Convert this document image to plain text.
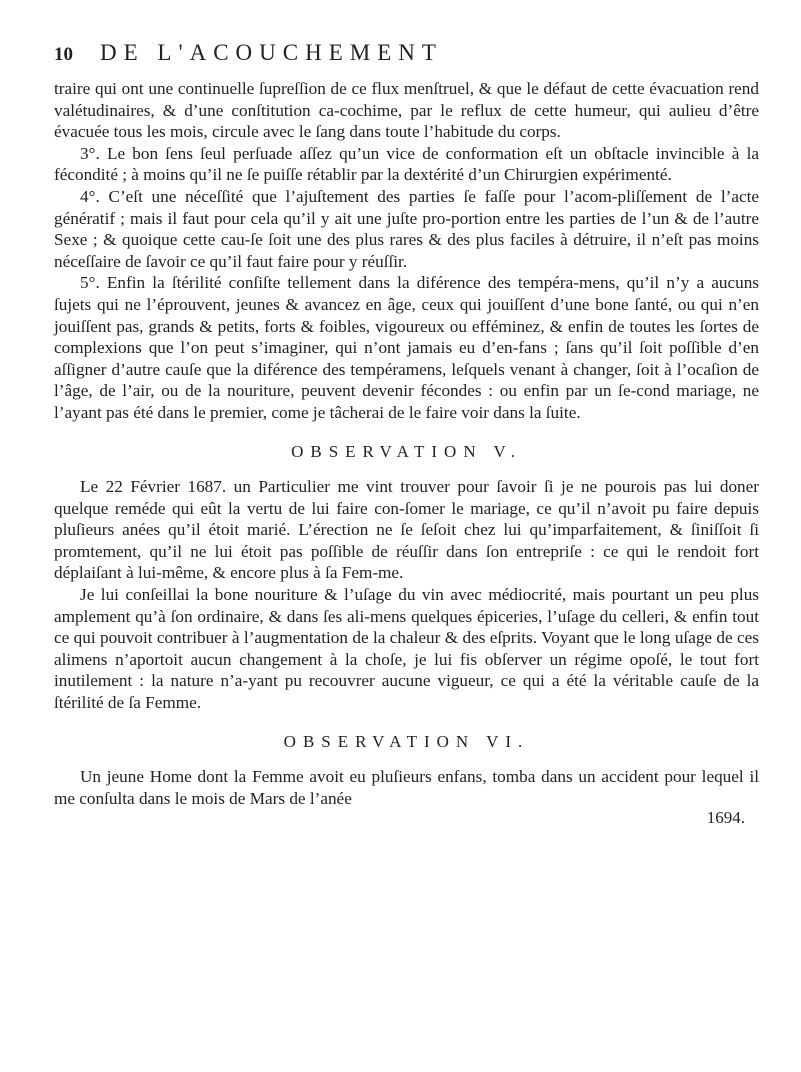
10 DE L'ACOUCHEMENT

traire qui ont une continuelle ſupreſſion de ce flux menſtruel, & que le défaut de cette évacuation rend valétudinaires, & d’une conſtitution ca-cochime, par le reflux de cette humeur, qui aulieu d’être évacuée tous les mois, circule avec le ſang dans toute l’habitude du corps.

3°. Le bon ſens ſeul perſuade aſſez qu’un vice de conformation eſt un obſtacle invincible à la fécondité ; à moins qu’il ne ſe puiſſe rétablir par la dextérité d’un Chirurgien expérimenté.

4°. C’eſt une néceſſité que l’ajuſtement des parties ſe faſſe pour l’acom-pliſſement de l’acte génératif ; mais il faut pour cela qu’il y ait une juſte pro-portion entre les parties de l’un & de l’autre Sexe ; & quoique cette cau-ſe ſoit une des plus rares & des plus faciles à détruire, il n’eſt pas moins néceſſaire de ſavoir ce qu’il faut faire pour y réuſſir.

5°. Enfin la ſtérilité conſiſte tellement dans la diférence des tempéra-mens, qu’il n’y a aucuns ſujets qui ne l’éprouvent, jeunes & avancez en âge, ceux qui jouiſſent d’une bone ſanté, ou qui n’en jouiſſent pas, grands & petits, forts & foibles, vigoureux ou efféminez, & enfin de toutes les ſortes de complexions que l’on peut s’imaginer, qui n’ont jamais eu d’en-fans ; ſans qu’il ſoit poſſible d’en aſſigner d’autre cauſe que la diférence des tempéramens, leſquels venant à changer, ſoit à l’ocaſion de l’âge, de l’air, ou de la nouriture, peuvent devenir fécondes : ou enfin par un ſe-cond mariage, ne l’ayant pas été dans le premier, come je tâcherai de le faire voir dans la ſuite.

OBSERVATION V.

Le 22 Février 1687. un Particulier me vint trouver pour ſavoir ſi je ne pourois pas lui doner quelque reméde qui eût la vertu de lui faire con-ſomer le mariage, ce qu’il n’avoit pu faire depuis pluſieurs anées qu’il étoit marié. L’érection ne ſe ſeſoit chez lui qu’imparfaitement, & ſiniſſoit ſi promtement, qu’il ne lui étoit pas poſſible de réuſſir dans ſon entrepriſe : ce qui le rendoit fort déplaiſant à lui-même, & encore plus à ſa Fem-me.

Je lui conſeillai la bone nouriture & l’uſage du vin avec médiocrité, mais pourtant un peu plus amplement qu’à ſon ordinaire, & dans ſes ali-mens quelques épiceries, l’uſage du celleri, & enfin tout ce qui pouvoit contribuer à l’augmentation de la chaleur & des eſprits. Voyant que le long uſage de ces alimens n’aportoit aucun changement à la choſe, je lui fis obſerver un régime opoſé, le tout fort inutilement : la nature n’a-yant pu recouvrer aucune vigueur, ce qui a été la véritable cauſe de la ſtérilité de ſa Femme.

OBSERVATION VI.

Un jeune Home dont la Femme avoit eu pluſieurs enfans, tomba dans un accident pour lequel il me conſulta dans le mois de Mars de l’anée

1694.
